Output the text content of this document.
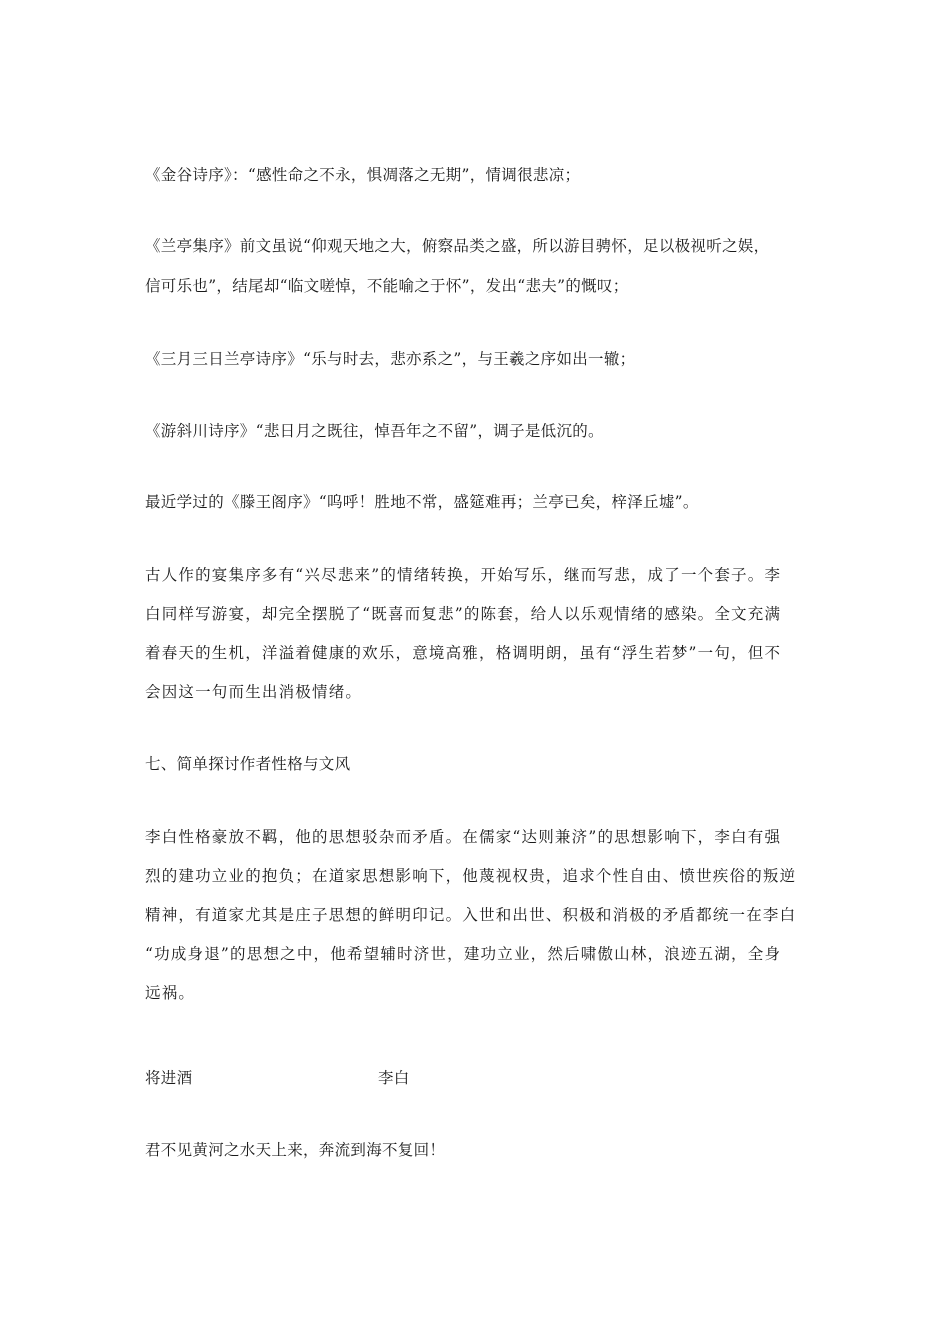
《金谷诗序》：“感性命之不永，惧凋落之无期”，情调很悲凉；
《兰亭集序》前文虽说“仰观天地之大，俯察品类之盛，所以游目骋怀，足以极视听之娱，
信可乐也”，结尾却“临文嗟悼，不能喻之于怀”，发出“悲夫”的慨叹；
《三月三日兰亭诗序》“乐与时去，悲亦系之”，与王羲之序如出一辙；
《游斜川诗序》“悲日月之既往，悼吾年之不留”，调子是低沉的。
最近学过的《滕王阁序》“呜呼！胜地不常，盛筵难再；兰亭已矣，梓泽丘墟”。
古人作的宴集序多有“兴尽悲来”的情绪转换，开始写乐，继而写悲，成了一个套子。李
白同样写游宴，却完全摆脱了“既喜而复悲”的陈套，给人以乐观情绪的感染。全文充满
着春天的生机，洋溢着健康的欢乐，意境高雅，格调明朗，虽有“浮生若梦”一句，但不
会因这一句而生出消极情绪。
七、简单探讨作者性格与文风
李白性格豪放不羁，他的思想驳杂而矛盾。在儒家“达则兼济”的思想影响下，李白有强
烈的建功立业的抱负；在道家思想影响下，他蔑视权贵，追求个性自由、愤世疾俗的叛逆
精神，有道家尤其是庄子思想的鲜明印记。入世和出世、积极和消极的矛盾都统一在李白
“功成身退”的思想之中，他希望辅时济世，建功立业，然后啸傲山林，浪迹五湖，全身
远祸。
将进酒	李白
君不见黄河之水天上来，奔流到海不复回！
